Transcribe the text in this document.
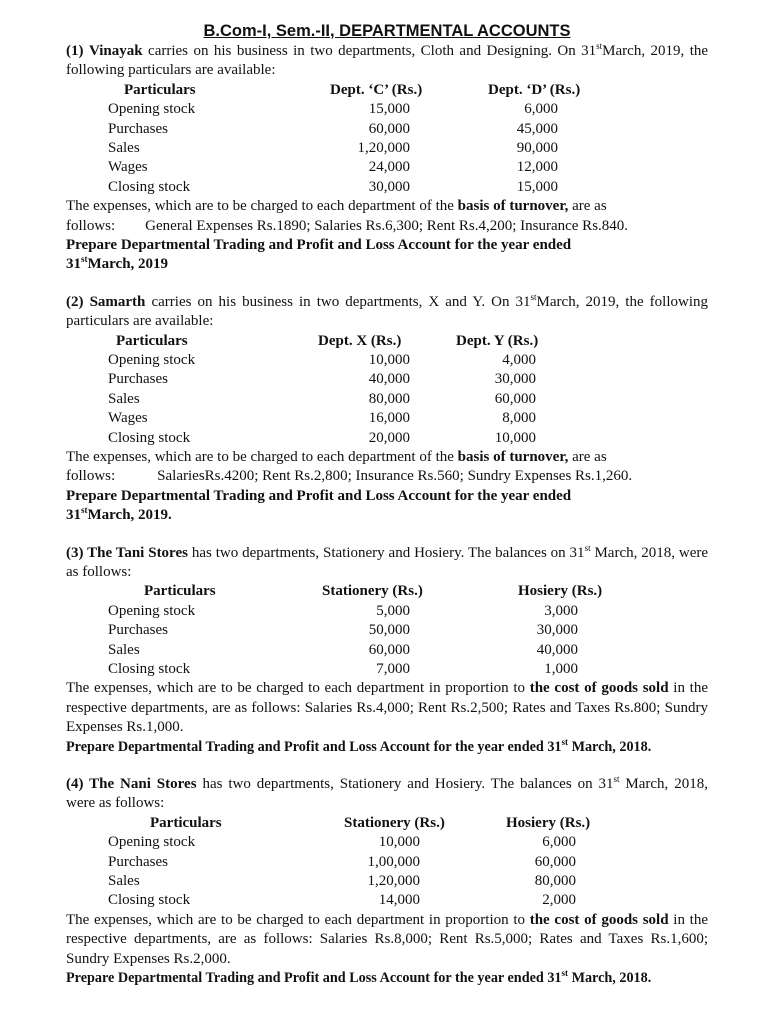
B.Com-I, Sem.-II, DEPARTMENTAL ACCOUNTS
(1) Vinayak carries on his business in two departments, Cloth and Designing. On 31stMarch, 2019, the following particulars are available:
Particulars	Dept. ‘C’ (Rs.)	Dept. ‘D’ (Rs.)
Opening stock	15,000	6,000
Purchases	60,000	45,000
Sales	1,20,000	90,000
Wages	24,000	12,000
Closing stock	30,000	15,000
The expenses, which are to be charged to each department of the basis of turnover, are as
follows: General Expenses Rs.1890; Salaries Rs.6,300; Rent Rs.4,200; Insurance Rs.840.
Prepare Departmental Trading and Profit and Loss Account for the year ended
31stMarch, 2019
(2) Samarth carries on his business in two departments, X and Y. On 31stMarch, 2019, the following particulars are available:
Particulars	Dept. X (Rs.)	Dept. Y (Rs.)
Opening stock	10,000	4,000
Purchases	40,000	30,000
Sales	80,000	60,000
Wages	16,000	8,000
Closing stock	20,000	10,000
The expenses, which are to be charged to each department of the basis of turnover, are as
follows:	SalariesRs.4200; Rent Rs.2,800; Insurance Rs.560; Sundry Expenses Rs.1,260.
Prepare Departmental Trading and Profit and Loss Account for the year ended
31stMarch, 2019.
(3) The Tani Stores has two departments, Stationery and Hosiery. The balances on 31st March, 2018, were as follows:
Particulars	Stationery (Rs.)	Hosiery (Rs.)
Opening stock	5,000	3,000
Purchases	50,000	30,000
Sales	60,000	40,000
Closing stock	7,000	1,000
The expenses, which are to be charged to each department in proportion to the cost of goods sold in the respective departments, are as follows: Salaries Rs.4,000; Rent Rs.2,500; Rates and Taxes Rs.800; Sundry Expenses Rs.1,000.
Prepare Departmental Trading and Profit and Loss Account for the year ended 31st March, 2018.
(4) The Nani Stores has two departments, Stationery and Hosiery. The balances on 31st March, 2018, were as follows:
Particulars	Stationery (Rs.)	Hosiery (Rs.)
Opening stock	10,000	6,000
Purchases	1,00,000	60,000
Sales	1,20,000	80,000
Closing stock	14,000	2,000
The expenses, which are to be charged to each department in proportion to the cost of goods sold in the respective departments, are as follows: Salaries Rs.8,000; Rent Rs.5,000; Rates and Taxes Rs.1,600; Sundry Expenses Rs.2,000.
Prepare Departmental Trading and Profit and Loss Account for the year ended 31st March, 2018.
